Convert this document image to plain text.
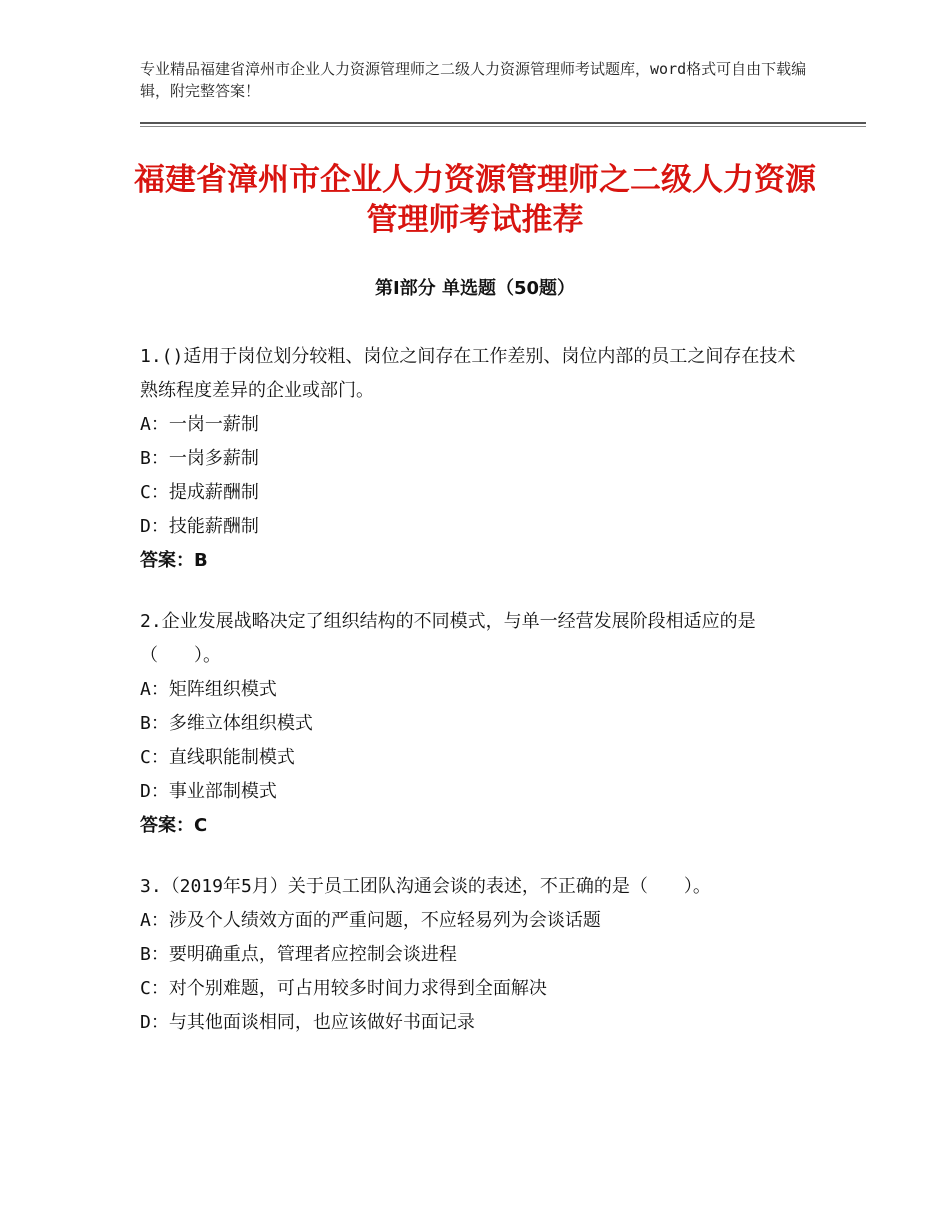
专业精品福建省漳州市企业人力资源管理师之二级人力资源管理师考试题库，word格式可自由下载编辑，附完整答案！
福建省漳州市企业人力资源管理师之二级人力资源管理师考试推荐
第Ⅰ部分 单选题（50题）
1.()适用于岗位划分较粗、岗位之间存在工作差别、岗位内部的员工之间存在技术熟练程度差异的企业或部门。
A：一岗一薪制
B：一岗多薪制
C：提成薪酬制
D：技能薪酬制
答案：B
2.企业发展战略决定了组织结构的不同模式，与单一经营发展阶段相适应的是（　　）。
A：矩阵组织模式
B：多维立体组织模式
C：直线职能制模式
D：事业部制模式
答案：C
3.（2019年5月）关于员工团队沟通会谈的表述，不正确的是（　　）。
A：涉及个人绩效方面的严重问题，不应轻易列为会谈话题
B：要明确重点，管理者应控制会谈进程
C：对个别难题，可占用较多时间力求得到全面解决
D：与其他面谈相同，也应该做好书面记录
